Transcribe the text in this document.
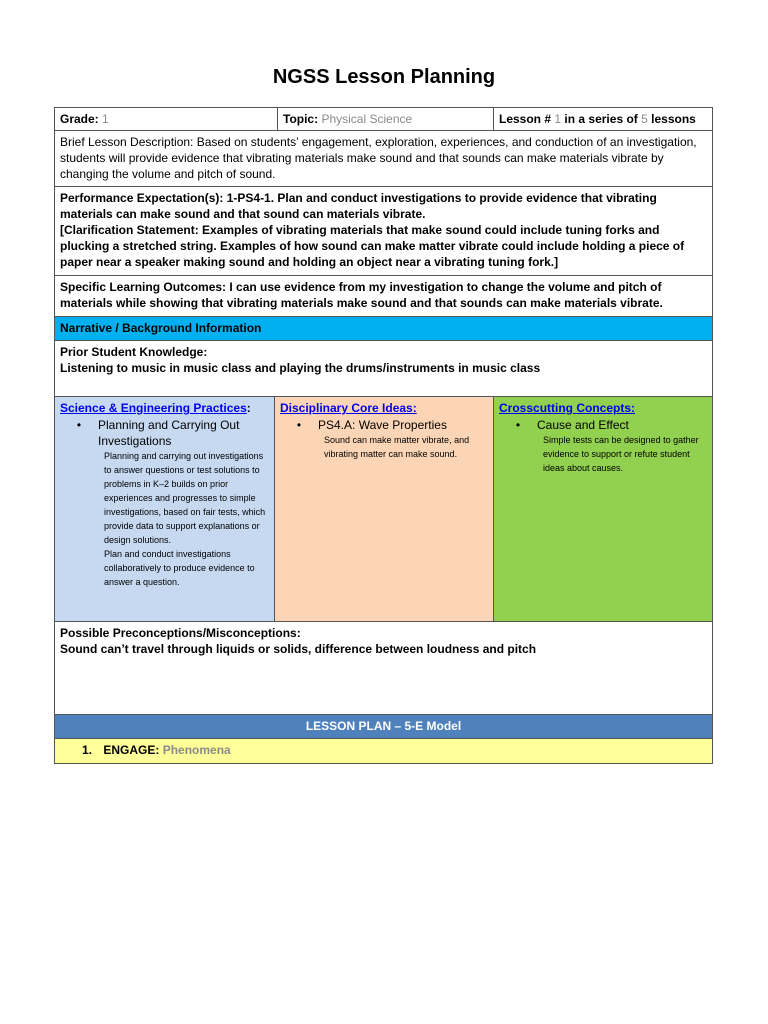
NGSS Lesson Planning
Grade: 1	Topic: Physical Science	Lesson # 1 in a series of 5 lessons
Brief Lesson Description: Based on students’ engagement, exploration, experiences, and conduction of an investigation, students will provide evidence that vibrating materials make sound and that sounds can make materials vibrate by changing the volume and pitch of sound.
Performance Expectation(s): 1-PS4-1. Plan and conduct investigations to provide evidence that vibrating materials can make sound and that sound can materials vibrate.
[Clarification Statement: Examples of vibrating materials that make sound could include tuning forks and plucking a stretched string. Examples of how sound can make matter vibrate could include holding a piece of paper near a speaker making sound and holding an object near a vibrating tuning fork.]
Specific Learning Outcomes: I can use evidence from my investigation to change the volume and pitch of materials while showing that vibrating materials make sound and that sounds can make materials vibrate.
Narrative / Background Information
Prior Student Knowledge:
Listening to music in music class and playing the drums/instruments in music class
Science & Engineering Practices:
•	Planning and Carrying Out Investigations
Planning and carrying out investigations to answer questions or test solutions to problems in K–2 builds on prior experiences and progresses to simple investigations, based on fair tests, which provide data to support explanations or design solutions.
Plan and conduct investigations collaboratively to produce evidence to answer a question.
Disciplinary Core Ideas:
•	PS4.A: Wave Properties
Sound can make matter vibrate, and vibrating matter can make sound.
Crosscutting Concepts:
•	Cause and Effect
Simple tests can be designed to gather evidence to support or refute student ideas about causes.
Possible Preconceptions/Misconceptions:
Sound can’t travel through liquids or solids, difference between loudness and pitch
LESSON PLAN – 5-E Model
1. ENGAGE: Phenomena
